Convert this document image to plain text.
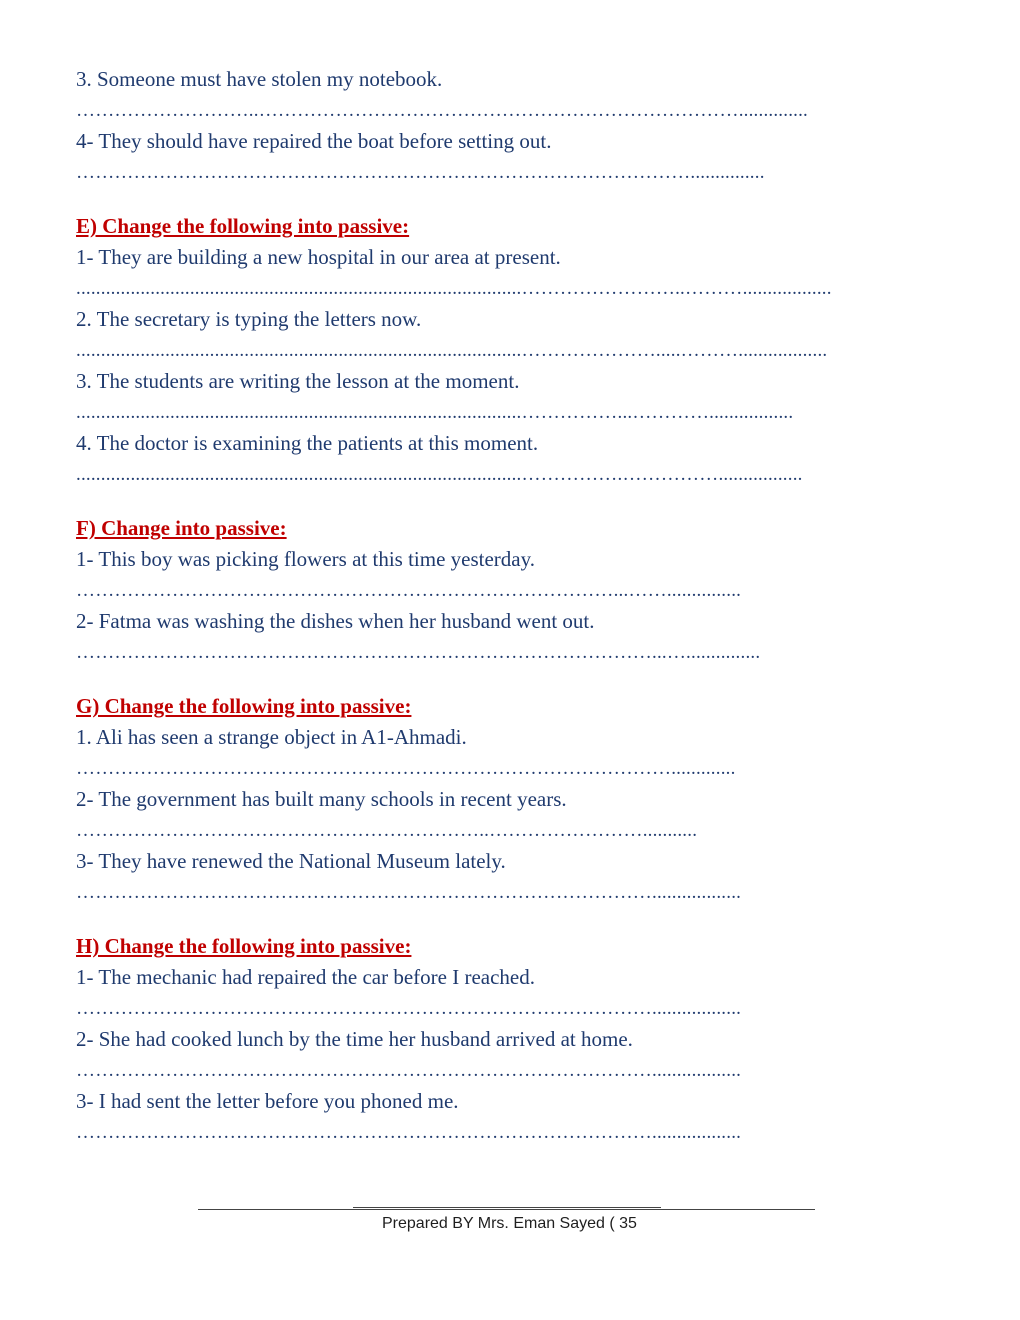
3. Someone must have stolen my notebook.
………………………..…………………………………………………………………..............
4- They should have repaired the boat before setting out.
……………………………………………………………………………………...............
E) Change the following into passive:
1- They are building a new hospital in our area at present.
..........................................................................................……………………..………..................
2. The secretary is typing the letters now.
..........................................................................................………………….....………..................
3. The students are writing the lesson at the moment.
..........................................................................................……………...………….................
4. The doctor is examining the patients at this moment.
..........................................................................................…………….…………….................
F) Change into passive:
1- This boy was picking flowers at this time yesterday.
…………………………………………………………………………...……...............
2- Fatma was washing the dishes when her husband went out.
………………………………………………………………………………...…...............
G) Change the following into passive:
1. Ali has seen a strange object in A1-Ahmadi.
………………………………………………………………………………….............
2- The government has built many schools in recent years.
………………………………………………………..……………………...........
3- They have renewed the National Museum lately.
………………………………………………………………………………..................
H) Change the following into passive:
1- The mechanic had repaired the car before I reached.
………………………………………………………………………………..................
2- She had cooked lunch by the time her husband arrived at home.
………………………………………………………………………………..................
3- I had sent the letter before you phoned me.
………………………………………………………………………………..................
Prepared BY Mrs. Eman Sayed ( 35
